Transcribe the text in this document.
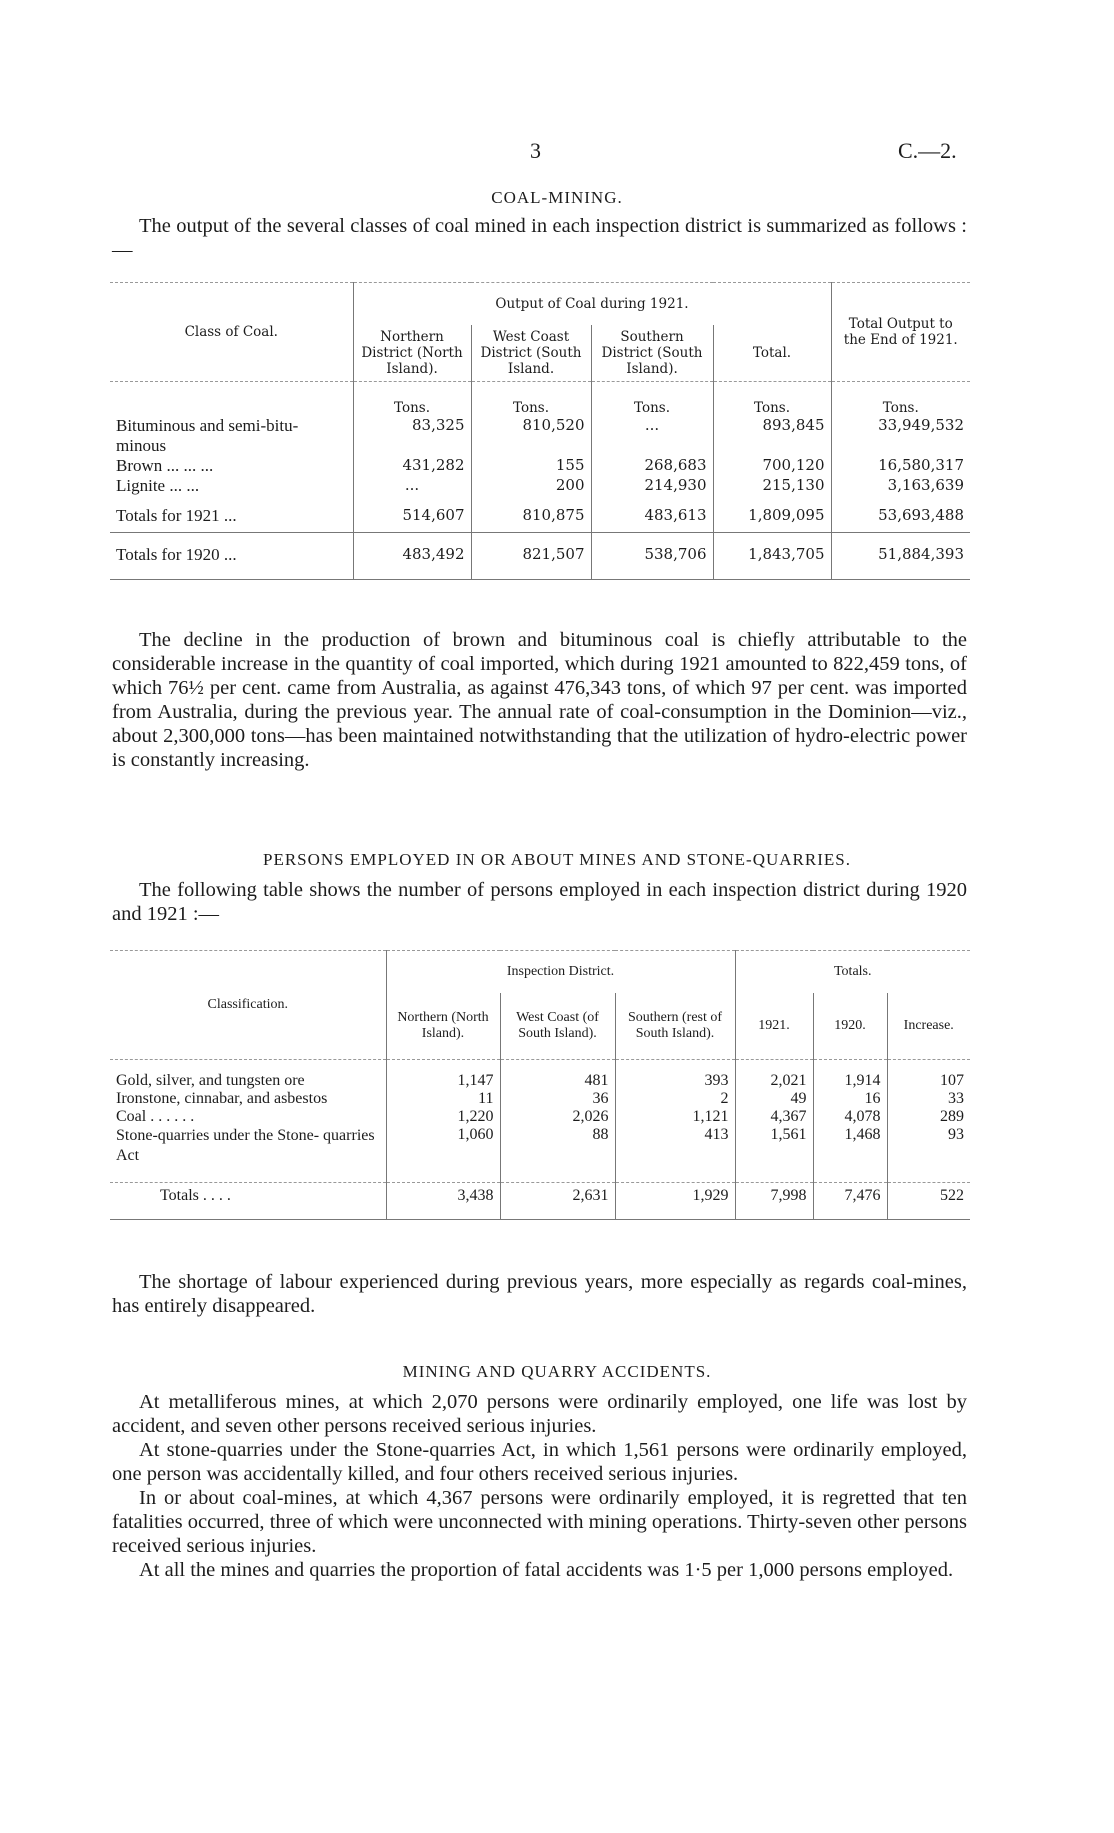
3	C.—2.
COAL-MINING.

The output of the several classes of coal mined in each inspection district is summarized as follows :—

Class of Coal.	Output of Coal during 1921.				Total Output to the End of 1921.
	Northern District (North Island).	West Coast District (South Island.	Southern District (South Island).	Total.	
	Tons.	Tons.	Tons.	Tons.	Tons.
Bituminous and semi-bitu- minous	83,325	810,520	...	893,845	33,949,532
Brown ... ... ...	431,282	155	268,683	700,120	16,580,317
Lignite ... ...	...	200	214,930	215,130	3,163,639

Totals for 1921 ...	514,607	810,875	483,613	1,809,095	53,693,488

Totals for 1920 ...	483,492	821,507	538,706	1,843,705	51,884,393

The decline in the production of brown and bituminous coal is chiefly attributable to the considerable increase in the quantity of coal imported, which during 1921 amounted to 822,459 tons, of which 76½ per cent. came from Australia, as against 476,343 tons, of which 97 per cent. was imported from Australia, during the previous year. The annual rate of coal-consumption in the Dominion—viz., about 2,300,000 tons—has been maintained notwithstanding that the utilization of hydro-electric power is constantly increasing.

PERSONS EMPLOYED IN OR ABOUT MINES AND STONE-QUARRIES.

The following table shows the number of persons employed in each inspection district during 1920 and 1921 :—

Classification.	Inspection District.			Totals.		
	Northern (North Island).	West Coast (of South Island).	Southern (rest of South Island).	1921.	1920.	Increase.

Gold, silver, and tungsten ore	1,147	481	393	2,021	1,914	107
Ironstone, cinnabar, and asbestos	11	36	2	49	16	33
Coal . . . . . .	1,220	2,026	1,121	4,367	4,078	289
Stone-quarries under the Stone- quarries Act	1,060	88	413	1,561	1,468	93

Totals . . . .	3,438	2,631	1,929	7,998	7,476	522

The shortage of labour experienced during previous years, more especially as regards coal-mines, has entirely disappeared.

MINING AND QUARRY ACCIDENTS.

At metalliferous mines, at which 2,070 persons were ordinarily employed, one life was lost by accident, and seven other persons received serious injuries.

At stone-quarries under the Stone-quarries Act, in which 1,561 persons were ordinarily employed, one person was accidentally killed, and four others received serious injuries.

In or about coal-mines, at which 4,367 persons were ordinarily employed, it is regretted that ten fatalities occurred, three of which were unconnected with mining operations. Thirty-seven other persons received serious injuries.

At all the mines and quarries the proportion of fatal accidents was 1·5 per 1,000 persons employed.
